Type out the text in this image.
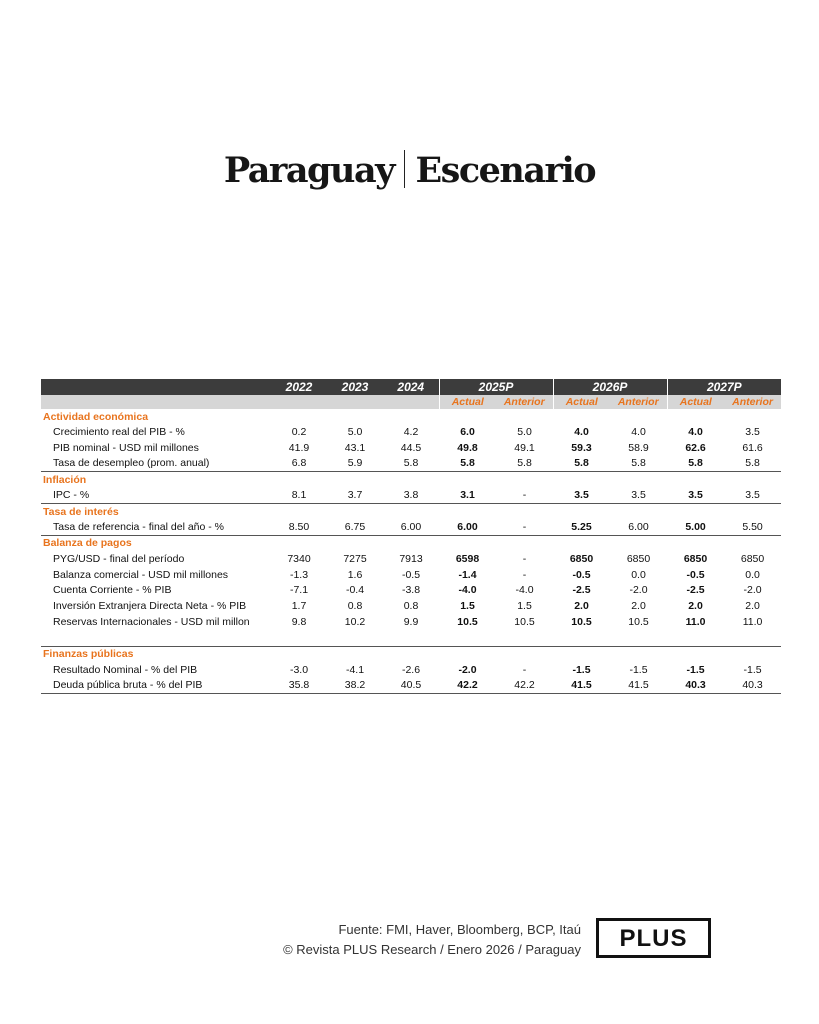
Paraguay Escenario
	2022	2023	2024	2025P		2026P		2027P	
				Actual	Anterior	Actual	Anterior	Actual	Anterior
Actividad económica									
Crecimiento real del PIB - %	0.2	5.0	4.2	6.0	5.0	4.0	4.0	4.0	3.5
PIB nominal - USD mil millones	41.9	43.1	44.5	49.8	49.1	59.3	58.9	62.6	61.6
Tasa de desempleo (prom. anual)	6.8	5.9	5.8	5.8	5.8	5.8	5.8	5.8	5.8
Inflación									
IPC - %	8.1	3.7	3.8	3.1	-	3.5	3.5	3.5	3.5
Tasa de interés									
Tasa de referencia - final del año - %	8.50	6.75	6.00	6.00	-	5.25	6.00	5.00	5.50
Balanza de pagos									
PYG/USD - final del período	7340	7275	7913	6598	-	6850	6850	6850	6850
Balanza comercial - USD mil millones	-1.3	1.6	-0.5	-1.4	-	-0.5	0.0	-0.5	0.0
Cuenta Corriente - % PIB	-7.1	-0.4	-3.8	-4.0	-4.0	-2.5	-2.0	-2.5	-2.0
Inversión Extranjera Directa Neta - % PIB	1.7	0.8	0.8	1.5	1.5	2.0	2.0	2.0	2.0
Reservas Internacionales - USD mil millon	9.8	10.2	9.9	10.5	10.5	10.5	10.5	11.0	11.0

Finanzas públicas									
Resultado Nominal - % del PIB	-3.0	-4.1	-2.6	-2.0	-	-1.5	-1.5	-1.5	-1.5
Deuda pública bruta - % del PIB	35.8	38.2	40.5	42.2	42.2	41.5	41.5	40.3	40.3
Fuente: FMI, Haver, Bloomberg, BCP, Itaú
© Revista PLUS Research / Enero 2026 / Paraguay	PLUS
